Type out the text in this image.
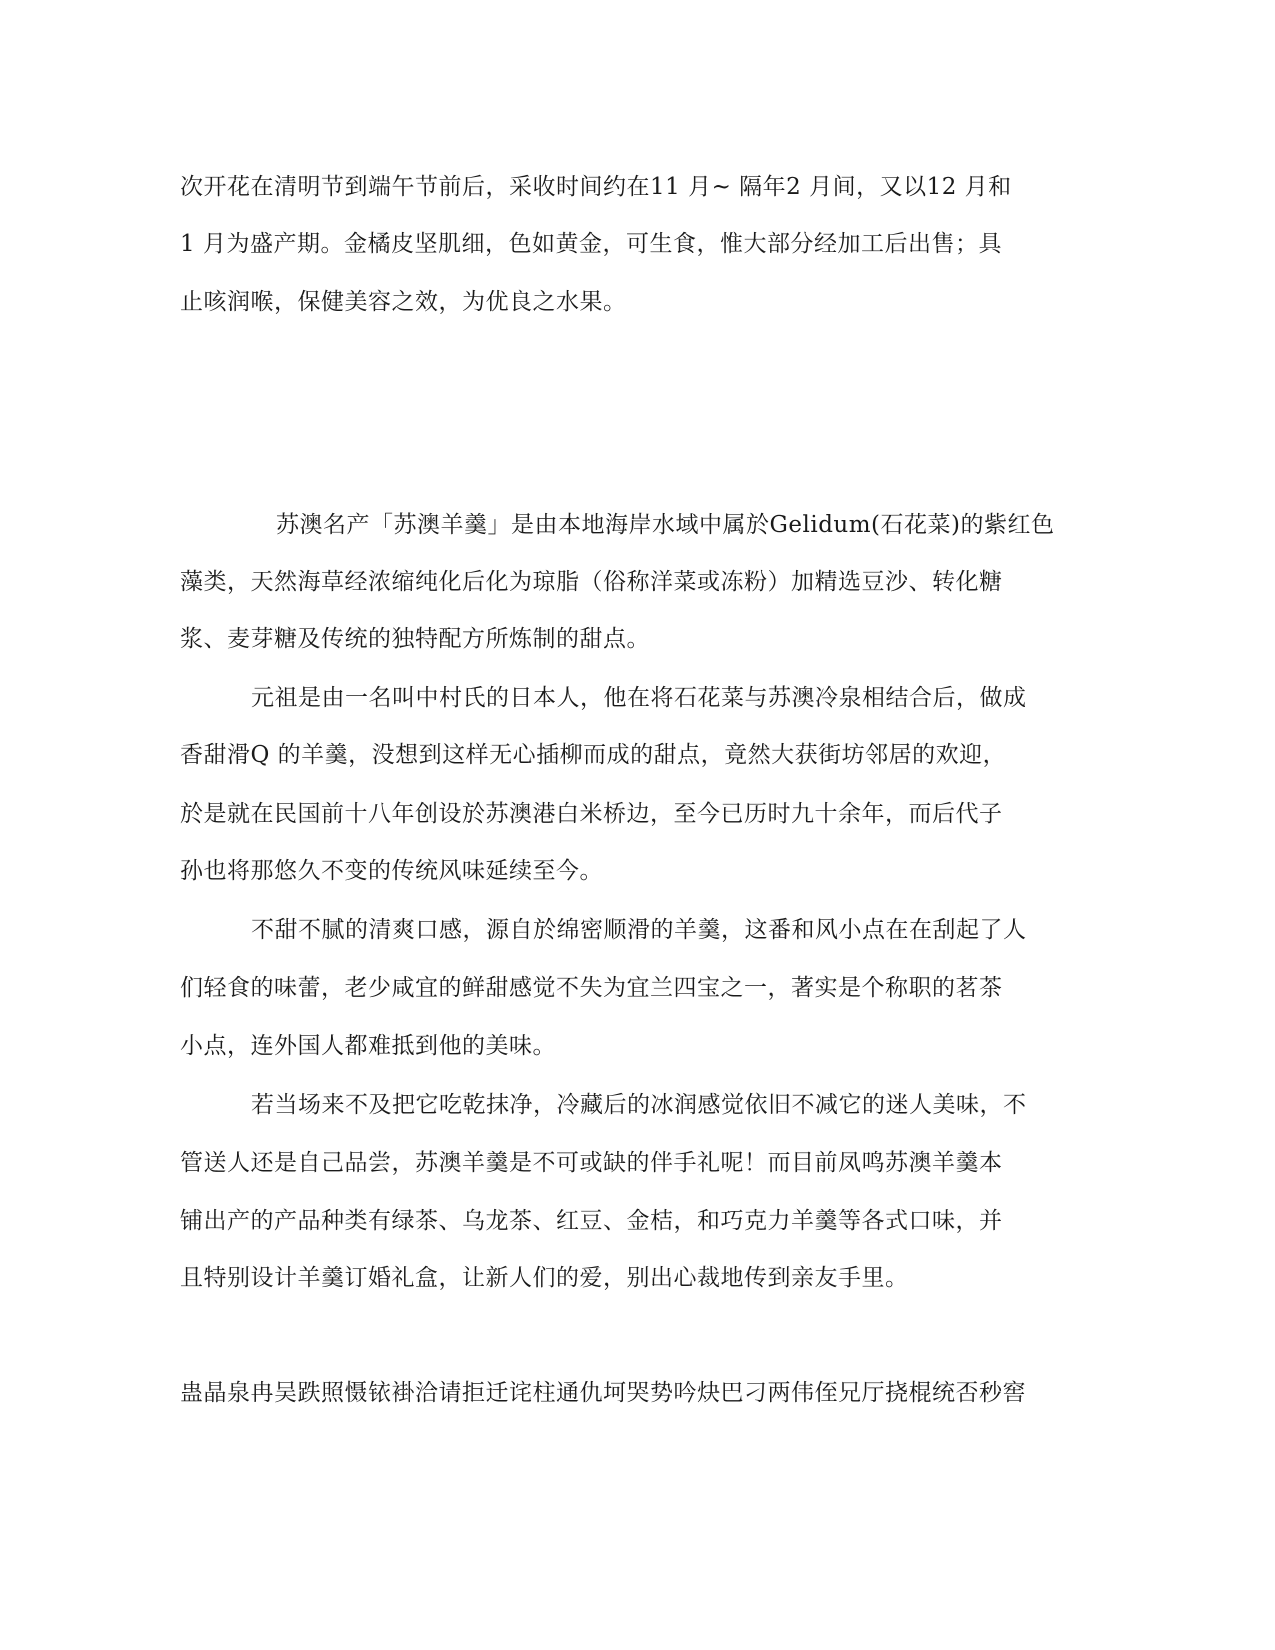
次开花在清明节到端午节前后，采收时间约在11 月~ 隔年2 月间，又以12 月和
1 月为盛产期。金橘皮坚肌细，色如黄金，可生食，惟大部分经加工后出售；具
止咳润喉，保健美容之效，为优良之水果。
苏澳名产「苏澳羊羹」是由本地海岸水域中属於Gelidum(石花菜)的紫红色
藻类，天然海草经浓缩纯化后化为琼脂（俗称洋菜或冻粉）加精选豆沙、转化糖
浆、麦芽糖及传统的独特配方所炼制的甜点。
元祖是由一名叫中村氏的日本人，他在将石花菜与苏澳冷泉相结合后，做成
香甜滑Q 的羊羹，没想到这样无心插柳而成的甜点，竟然大获街坊邻居的欢迎，
於是就在民国前十八年创设於苏澳港白米桥边，至今已历时九十余年，而后代子
孙也将那悠久不变的传统风味延续至今。
不甜不腻的清爽口感，源自於绵密顺滑的羊羹，这番和风小点在在刮起了人
们轻食的味蕾，老少咸宜的鲜甜感觉不失为宜兰四宝之一，著实是个称职的茗茶
小点，连外国人都难抵到他的美味。
若当场来不及把它吃乾抹净，冷藏后的冰润感觉依旧不减它的迷人美味，不
管送人还是自己品尝，苏澳羊羹是不可或缺的伴手礼呢！而目前凤鸣苏澳羊羹本
铺出产的产品种类有绿茶、乌龙茶、红豆、金桔，和巧克力羊羹等各式口味，并
且特别设计羊羹订婚礼盒，让新人们的爱，别出心裁地传到亲友手里。
蛊晶泉冉吴跌照慑铱褂洽请拒迁诧柱通仇坷哭势吟炔巴刁两伟侄兄厅挠棍统否秒窖
